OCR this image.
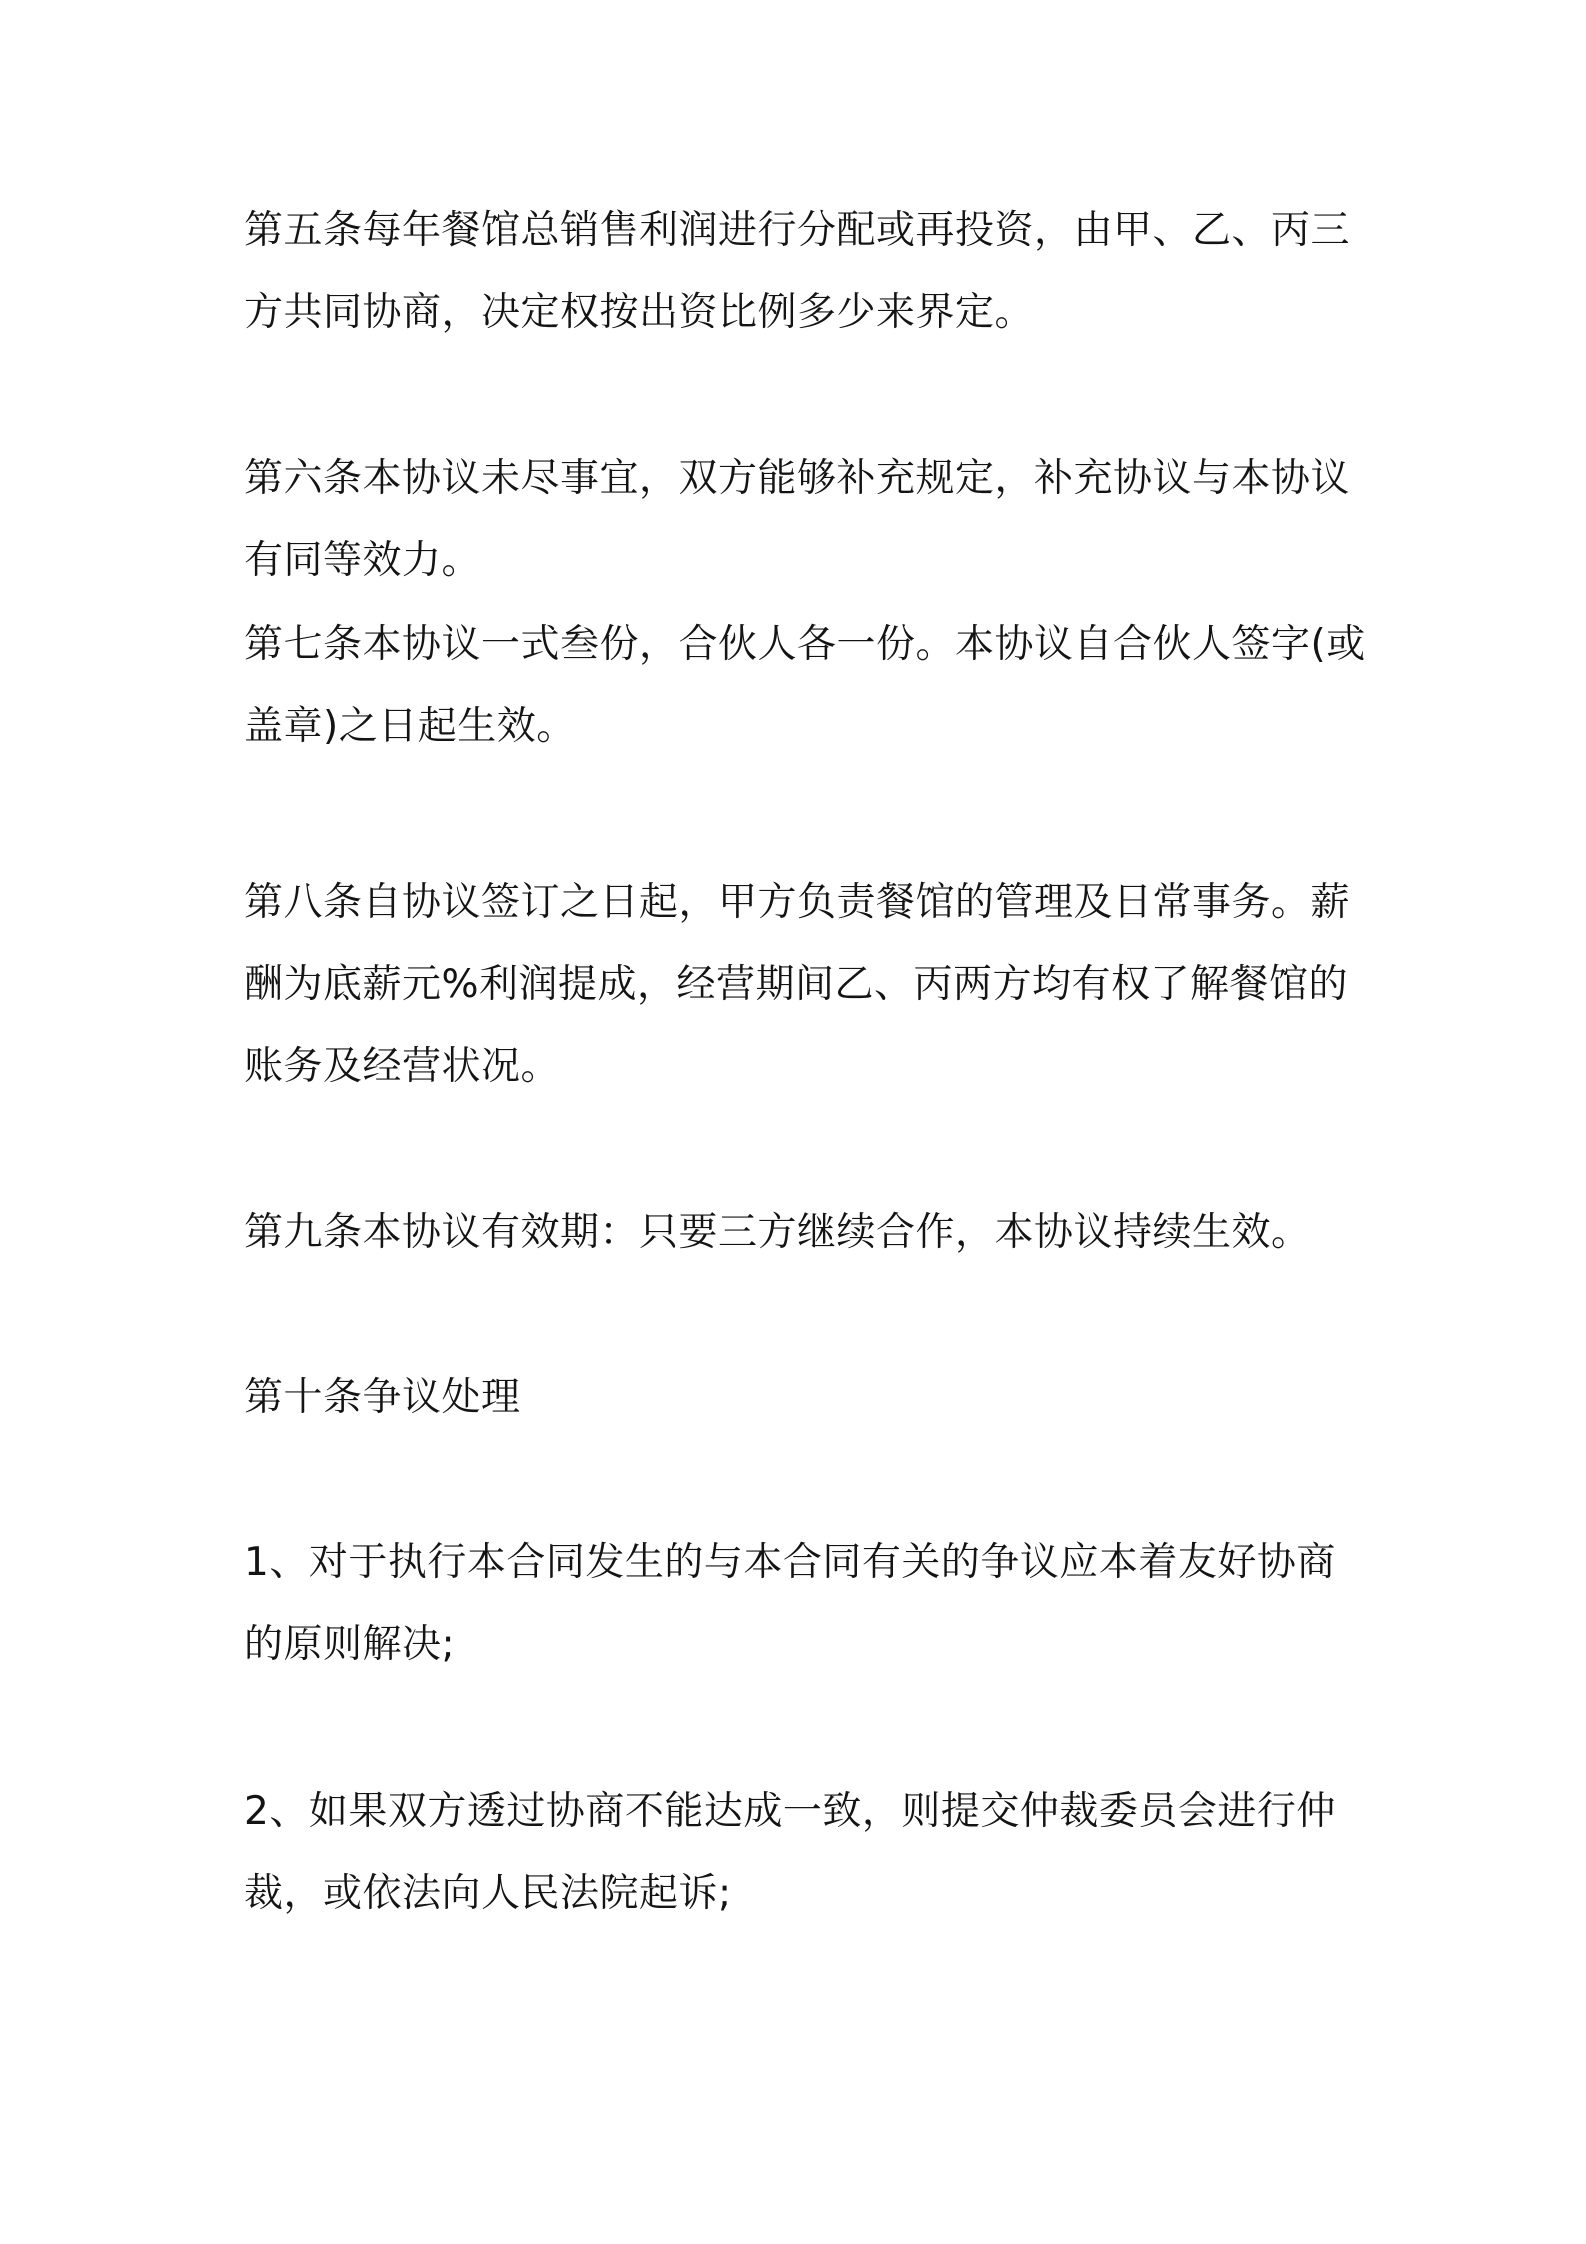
第五条每年餐馆总销售利润进行分配或再投资，由甲、乙、丙三
方共同协商，决定权按出资比例多少来界定。

第六条本协议未尽事宜，双方能够补充规定，补充协议与本协议
有同等效力。

第七条本协议一式叁份，合伙人各一份。本协议自合伙人签字(或
盖章)之日起生效。

第八条自协议签订之日起，甲方负责餐馆的管理及日常事务。薪
酬为底薪元%利润提成，经营期间乙、丙两方均有权了解餐馆的
账务及经营状况。

第九条本协议有效期：只要三方继续合作，本协议持续生效。

第十条争议处理

1、对于执行本合同发生的与本合同有关的争议应本着友好协商
的原则解决;

2、如果双方透过协商不能达成一致，则提交仲裁委员会进行仲
裁，或依法向人民法院起诉;
